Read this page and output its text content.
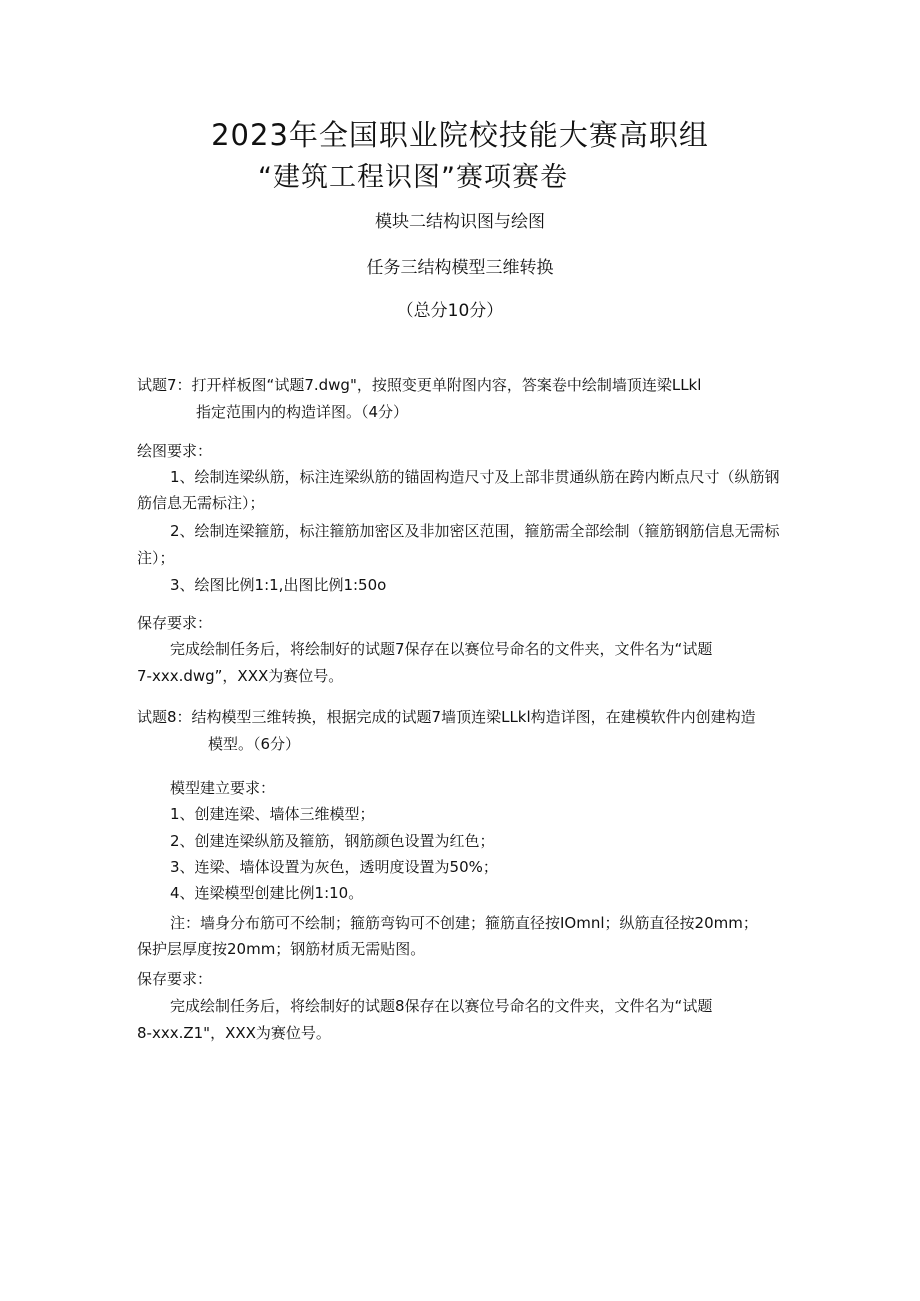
2023年全国职业院校技能大赛高职组
“建筑工程识图”赛项赛卷
模块二结构识图与绘图
任务三结构模型三维转换
（总分10分）
试题7：打开样板图“试题7.dwg"，按照变更单附图内容，答案卷中绘制墙顶连梁LLkl
指定范围内的构造详图。（4分）
绘图要求：
1、绘制连梁纵筋，标注连梁纵筋的锚固构造尺寸及上部非贯通纵筋在跨内断点尺寸（纵筋钢
筋信息无需标注）；
2、绘制连梁箍筋，标注箍筋加密区及非加密区范围，箍筋需全部绘制（箍筋钢筋信息无需标
注）；
3、绘图比例1:1,出图比例1:50o
保存要求：
完成绘制任务后，将绘制好的试题7保存在以赛位号命名的文件夹，文件名为“试题
7-xxx.dwg”，XXX为赛位号。
试题8：结构模型三维转换，根据完成的试题7墙顶连梁LLkl构造详图，在建模软件内创建构造
模型。（6分）
模型建立要求：
1、创建连梁、墙体三维模型；
2、创建连梁纵筋及箍筋，钢筋颜色设置为红色；
3、连梁、墙体设置为灰色，透明度设置为50%；
4、连梁模型创建比例1:10。
注：墙身分布筋可不绘制；箍筋弯钩可不创建；箍筋直径按IOmnl；纵筋直径按20mm；
保护层厚度按20mm；钢筋材质无需贴图。
保存要求：
完成绘制任务后，将绘制好的试题8保存在以赛位号命名的文件夹，文件名为“试题
8-xxx.Z1"，XXX为赛位号。
